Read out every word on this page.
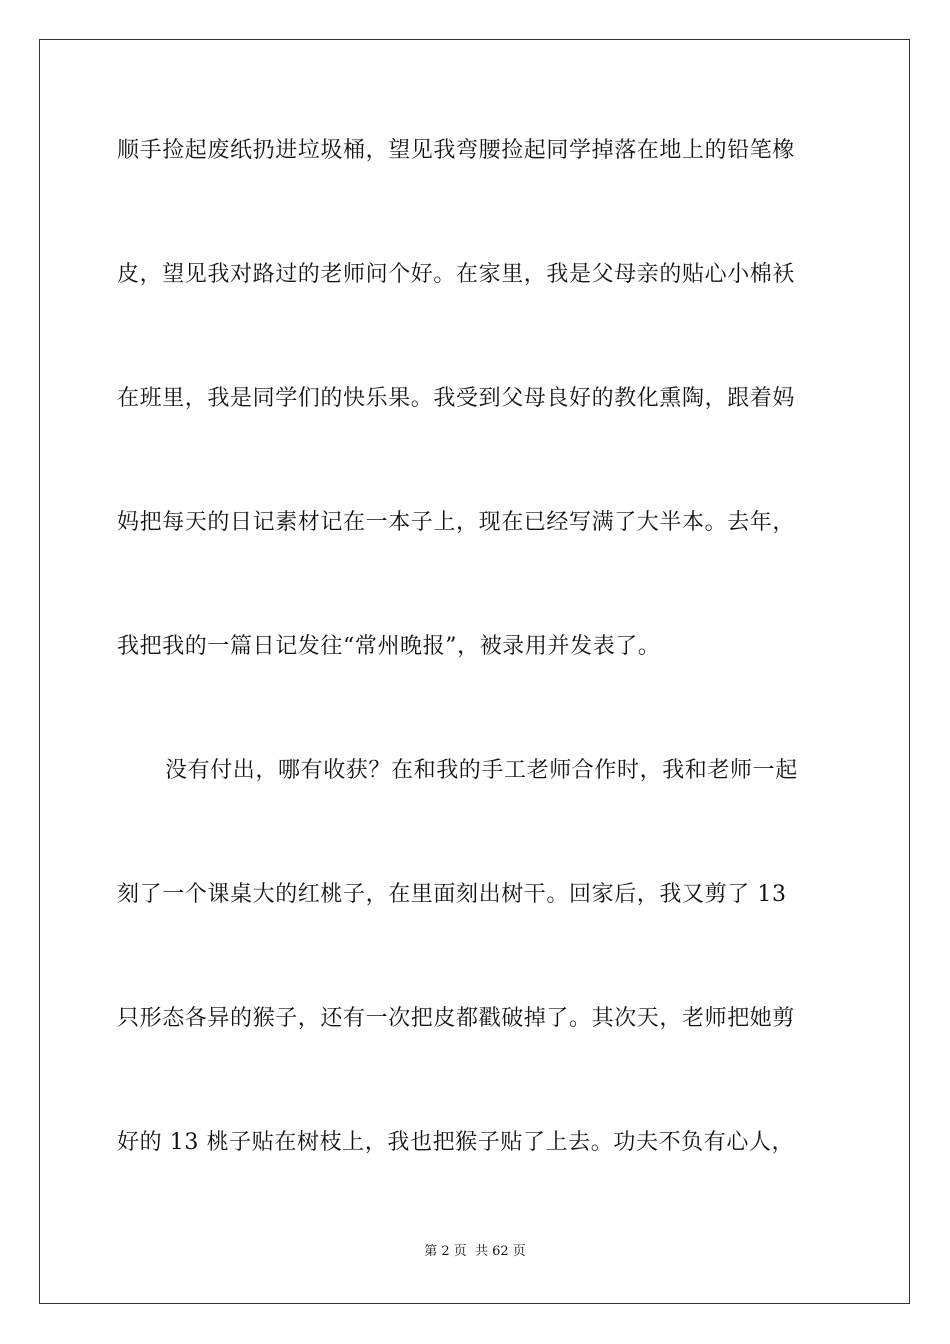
顺手捡起废纸扔进垃圾桶，望见我弯腰捡起同学掉落在地上的铅笔橡
皮，望见我对路过的老师问个好。在家里，我是父母亲的贴心小棉袄
在班里，我是同学们的快乐果。我受到父母良好的教化熏陶，跟着妈
妈把每天的日记素材记在一本子上，现在已经写满了大半本。去年，
我把我的一篇日记发往“常州晚报”，被录用并发表了。
没有付出，哪有收获？在和我的手工老师合作时，我和老师一起
刻了一个课桌大的红桃子，在里面刻出树干。回家后，我又剪了 13
只形态各异的猴子，还有一次把皮都戳破掉了。其次天，老师把她剪
好的 13 桃子贴在树枝上，我也把猴子贴了上去。功夫不负有心人，
第 2 页 共 62 页
